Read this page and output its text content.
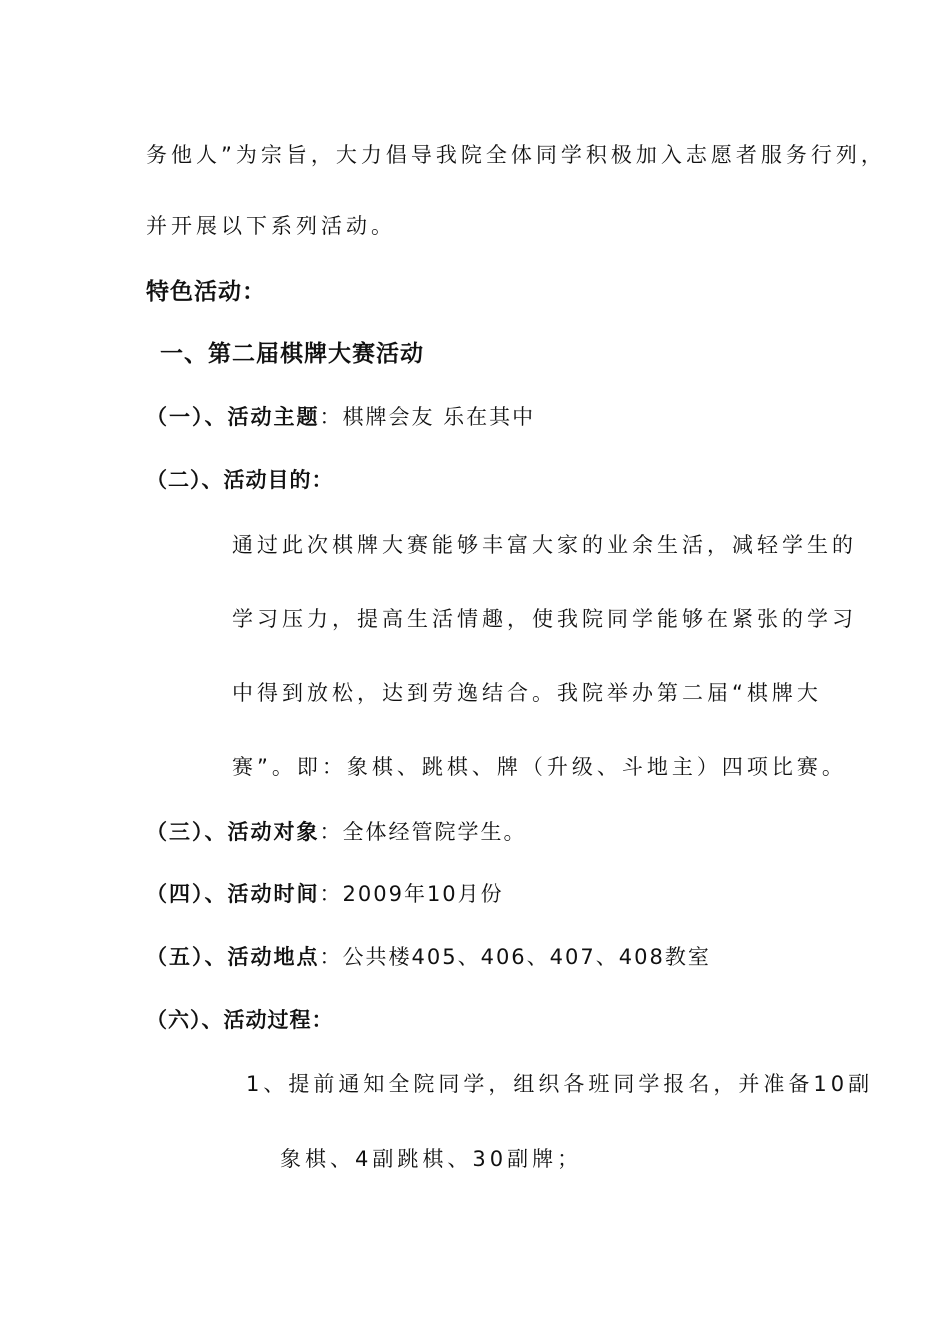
务他人”为宗旨，大力倡导我院全体同学积极加入志愿者服务行列，
并开展以下系列活动。
特色活动：
一、第二届棋牌大赛活动
（一）、活动主题：棋牌会友 乐在其中
（二）、活动目的：
通过此次棋牌大赛能够丰富大家的业余生活，减轻学生的
学习压力，提高生活情趣，使我院同学能够在紧张的学习
中得到放松，达到劳逸结合。我院举办第二届“棋牌大
赛”。即：象棋、跳棋、牌（升级、斗地主）四项比赛。
（三）、活动对象：全体经管院学生。
（四）、活动时间：2009年10月份
（五）、活动地点：公共楼405、406、407、408教室
（六）、活动过程：
1、提前通知全院同学，组织各班同学报名，并准备10副
象棋、4副跳棋、30副牌；
